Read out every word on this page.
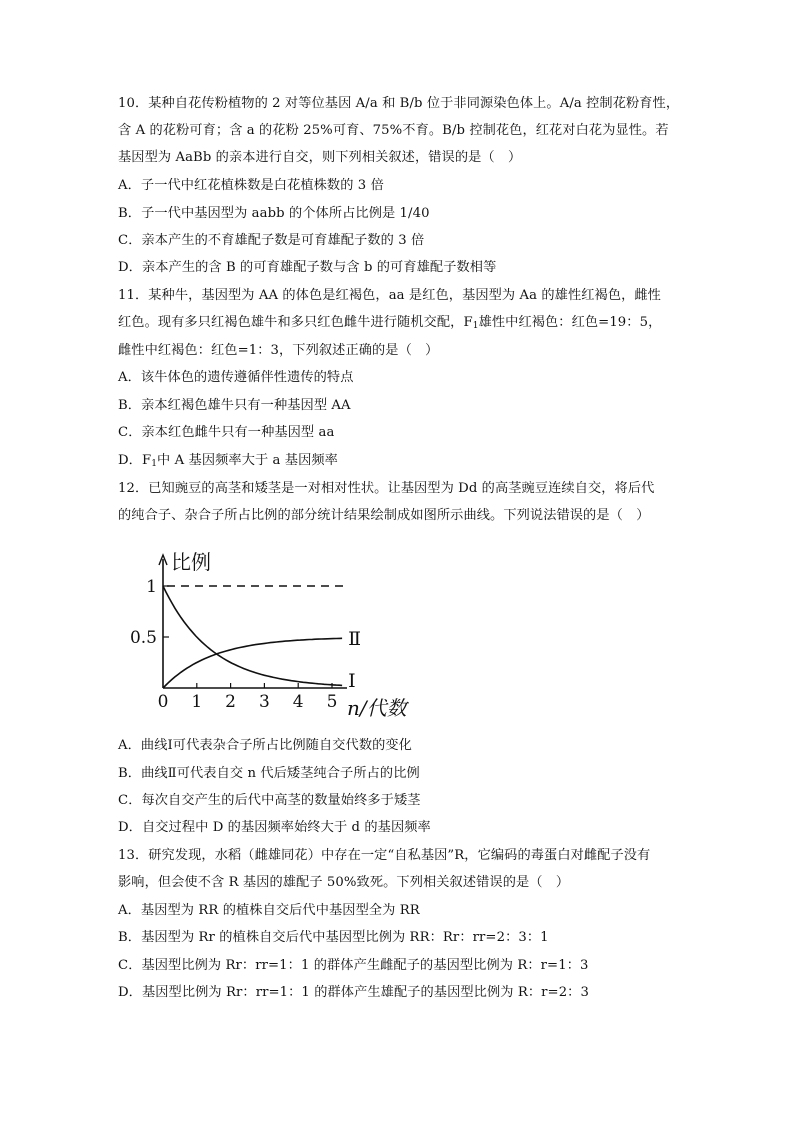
10．某种自花传粉植物的 2 对等位基因 A/a 和 B/b 位于非同源染色体上。A/a 控制花粉育性，
含 A 的花粉可育；含 a 的花粉 25%可育、75%不育。B/b 控制花色，红花对白花为显性。若
基因型为 AaBb 的亲本进行自交，则下列相关叙述，错误的是（　）
A．子一代中红花植株数是白花植株数的 3 倍
B．子一代中基因型为 aabb 的个体所占比例是 1/40
C．亲本产生的不育雄配子数是可育雄配子数的 3 倍
D．亲本产生的含 B 的可育雄配子数与含 b 的可育雄配子数相等
11．某种牛，基因型为 AA 的体色是红褐色，aa 是红色，基因型为 Aa 的雄性红褐色，雌性
红色。现有多只红褐色雄牛和多只红色雌牛进行随机交配，$F_1$雄性中红褐色：红色=19：5，
雌性中红褐色：红色=1：3，下列叙述正确的是（　）
A．该牛体色的遗传遵循伴性遗传的特点
B．亲本红褐色雄牛只有一种基因型 AA
C．亲本红色雌牛只有一种基因型 aa
D．$F_1$中 A 基因频率大于 a 基因频率
12．已知豌豆的高茎和矮茎是一对相对性状。让基因型为 Dd 的高茎豌豆连续自交，将后代
的纯合子、杂合子所占比例的部分统计结果绘制成如图所示曲线。下列说法错误的是（　）
比例
n/代数
0 1 2 3 4 5
0.5
1
Ⅰ
Ⅱ
A．曲线Ⅰ可代表杂合子所占比例随自交代数的变化
B．曲线Ⅱ可代表自交 n 代后矮茎纯合子所占的比例
C．每次自交产生的后代中高茎的数量始终多于矮茎
D．自交过程中 D 的基因频率始终大于 d 的基因频率
13．研究发现，水稻（雌雄同花）中存在一定“自私基因”R，它编码的毒蛋白对雌配子没有
影响，但会使不含 R 基因的雄配子 50%致死。下列相关叙述错误的是（　）
A．基因型为 RR 的植株自交后代中基因型全为 RR
B．基因型为 Rr 的植株自交后代中基因型比例为 RR：Rr：rr=2：3：1
C．基因型比例为 Rr：rr=1：1 的群体产生雌配子的基因型比例为 R：r=1：3
D．基因型比例为 Rr：rr=1：1 的群体产生雄配子的基因型比例为 R：r=2：3
